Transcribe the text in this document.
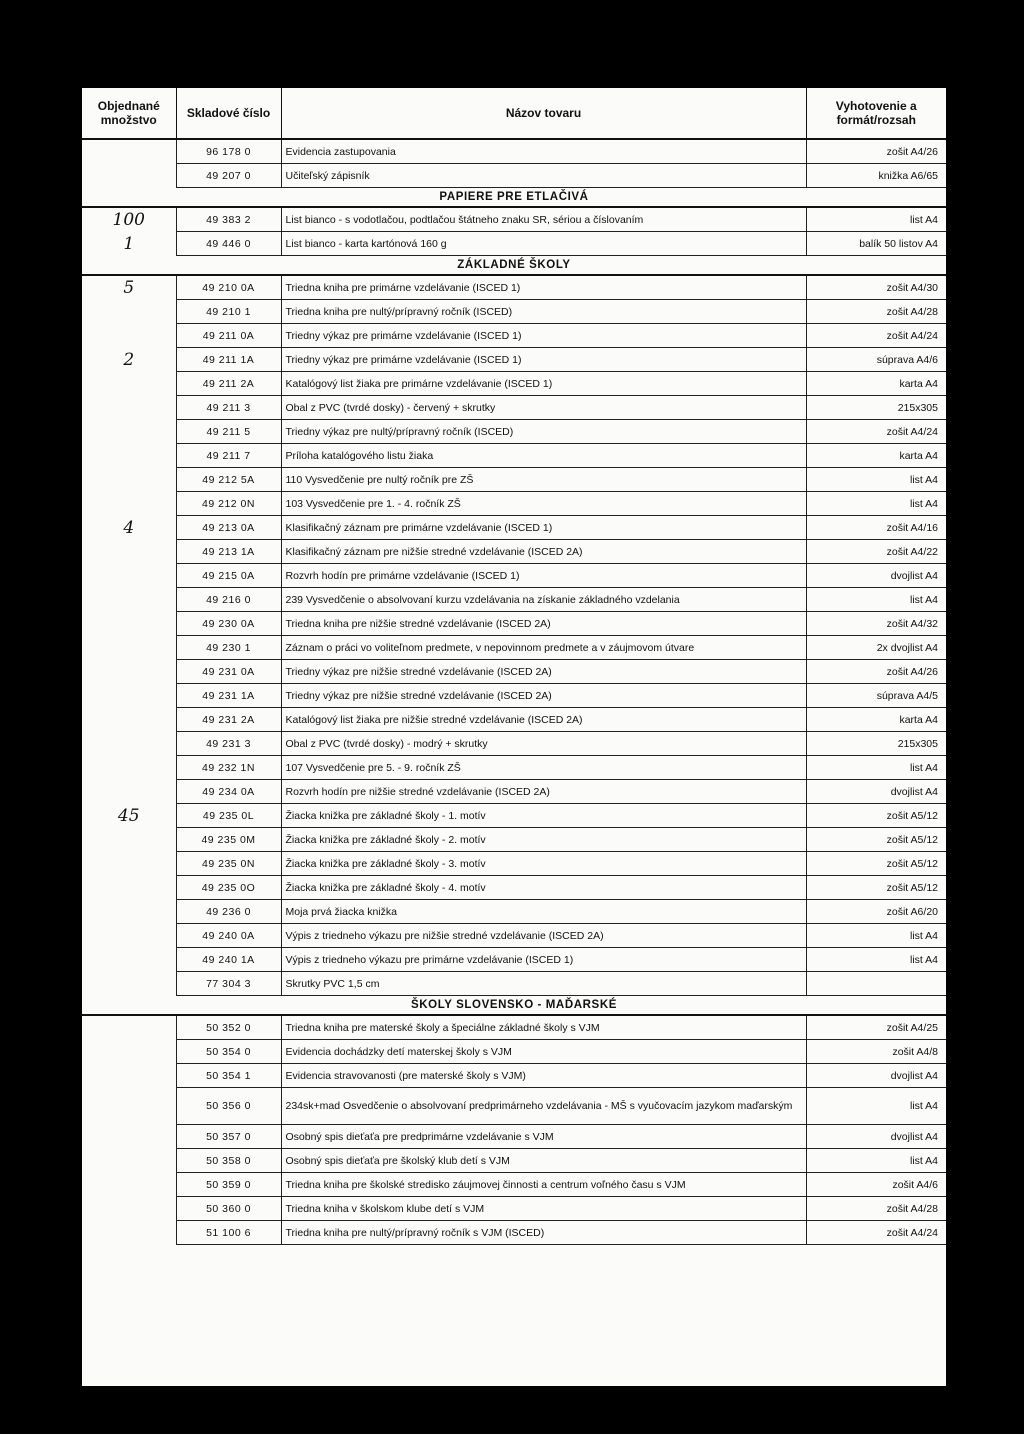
Objednané množstvo	Skladové číslo	Názov tovaru	Vyhotovenie a formát/rozsah
	96 178 0	Evidencia zastupovania	zošit A4/26
	49 207 0	Učiteľský zápisník	knižka A6/65
PAPIERE PRE ETLAČIVÁ			
100	49 383 2	List bianco - s vodotlačou, podtlačou štátneho znaku SR, sériou a číslovaním	list A4
1	49 446 0	List bianco - karta kartónová 160 g	balík 50 listov A4
ZÁKLADNÉ ŠKOLY			
5	49 210 0A	Triedna kniha pre primárne vzdelávanie (ISCED 1)	zošit A4/30
	49 210 1	Triedna kniha pre nultý/prípravný ročník (ISCED)	zošit A4/28
	49 211 0A	Triedny výkaz pre primárne vzdelávanie (ISCED 1)	zošit A4/24
2	49 211 1A	Triedny výkaz pre primárne vzdelávanie (ISCED 1)	súprava A4/6
	49 211 2A	Katalógový list žiaka pre primárne vzdelávanie (ISCED 1)	karta A4
	49 211 3	Obal z PVC (tvrdé dosky) - červený + skrutky	215x305
	49 211 5	Triedny výkaz pre nultý/prípravný ročník (ISCED)	zošit A4/24
	49 211 7	Príloha katalógového listu žiaka	karta A4
	49 212 5A	110 Vysvedčenie pre nultý ročník pre ZŠ	list A4
	49 212 0N	103 Vysvedčenie pre 1. - 4. ročník ZŠ	list A4
4	49 213 0A	Klasifikačný záznam pre primárne vzdelávanie (ISCED 1)	zošit A4/16
	49 213 1A	Klasifikačný záznam pre nižšie stredné vzdelávanie (ISCED 2A)	zošit A4/22
	49 215 0A	Rozvrh hodín pre primárne vzdelávanie (ISCED 1)	dvojlist A4
	49 216 0	239 Vysvedčenie o absolvovaní kurzu vzdelávania na získanie základného vzdelania	list A4
	49 230 0A	Triedna kniha pre nižšie stredné vzdelávanie (ISCED 2A)	zošit A4/32
	49 230 1	Záznam o práci vo voliteľnom predmete, v nepovinnom predmete a v záujmovom útvare	2x dvojlist A4
	49 231 0A	Triedny výkaz pre nižšie stredné vzdelávanie (ISCED 2A)	zošit A4/26
	49 231 1A	Triedny výkaz pre nižšie stredné vzdelávanie (ISCED 2A)	súprava A4/5
	49 231 2A	Katalógový list žiaka pre nižšie stredné vzdelávanie (ISCED 2A)	karta A4
	49 231 3	Obal z PVC (tvrdé dosky) - modrý + skrutky	215x305
	49 232 1N	107 Vysvedčenie pre 5. - 9. ročník ZŠ	list A4
	49 234 0A	Rozvrh hodín pre nižšie stredné vzdelávanie (ISCED 2A)	dvojlist A4
45	49 235 0L	Žiacka knižka pre základné školy - 1. motív	zošit A5/12
	49 235 0M	Žiacka knižka pre základné školy - 2. motív	zošit A5/12
	49 235 0N	Žiacka knižka pre základné školy - 3. motív	zošit A5/12
	49 235 0O	Žiacka knižka pre základné školy - 4. motív	zošit A5/12
	49 236 0	Moja prvá žiacka knižka	zošit A6/20
	49 240 0A	Výpis z triedneho výkazu pre nižšie stredné vzdelávanie (ISCED 2A)	list A4
	49 240 1A	Výpis z triedneho výkazu pre primárne vzdelávanie (ISCED 1)	list A4
	77 304 3	Skrutky PVC 1,5 cm	
ŠKOLY SLOVENSKO - MAĎARSKÉ			
	50 352 0	Triedna kniha pre materské školy a špeciálne základné školy s VJM	zošit A4/25
	50 354 0	Evidencia dochádzky detí materskej školy s VJM	zošit A4/8
	50 354 1	Evidencia stravovanosti (pre materské školy s VJM)	dvojlist A4
	50 356 0	234sk+mad Osvedčenie o absolvovaní predprimárneho vzdelávania - MŠ s vyučovacím jazykom maďarským	list A4
	50 357 0	Osobný spis dieťaťa pre predprimárne vzdelávanie s VJM	dvojlist A4
	50 358 0	Osobný spis dieťaťa pre školský klub detí s VJM	list A4
	50 359 0	Triedna kniha pre školské stredisko záujmovej činnosti a centrum voľného času s VJM	zošit A4/6
	50 360 0	Triedna kniha v školskom klube detí s VJM	zošit A4/28
	51 100 6	Triedna kniha pre nultý/prípravný ročník s VJM (ISCED)	zošit A4/24
